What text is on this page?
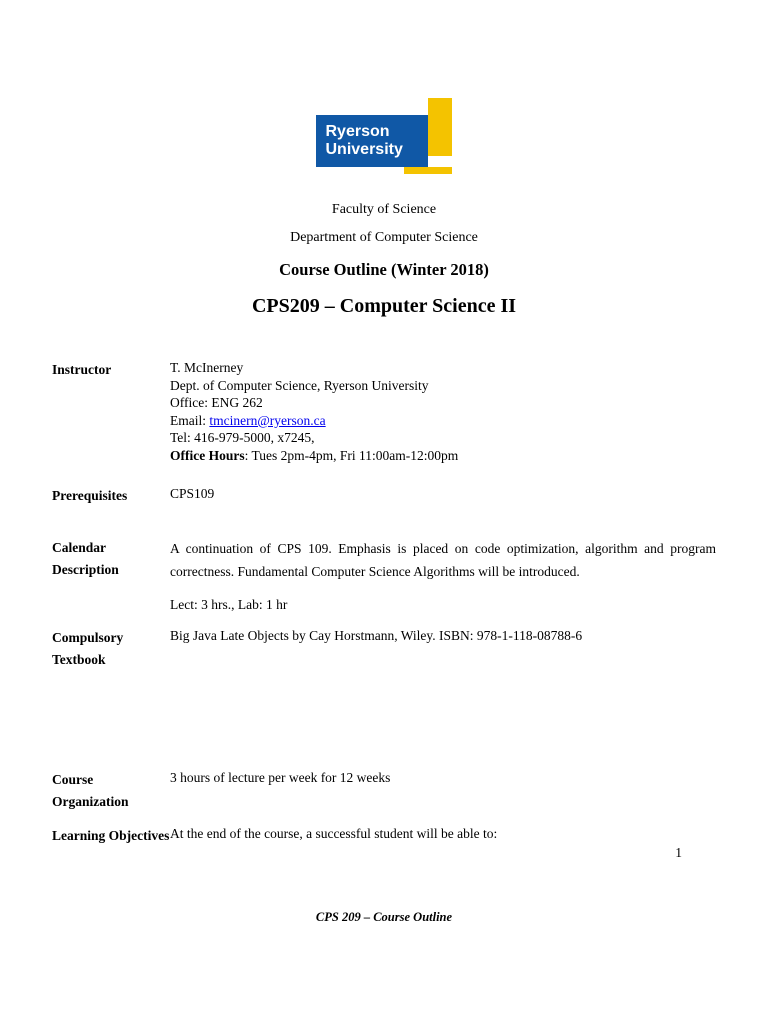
Ryerson
University
Faculty of Science
Department of Computer Science
Course Outline (Winter 2018)
CPS209 – Computer Science II
Instructor	T. McInerney
Dept. of Computer Science, Ryerson University
Office: ENG 262
Email: tmcinern@ryerson.ca
Tel: 416-979-5000, x7245,
Office Hours: Tues 2pm-4pm, Fri 11:00am-12:00pm
Prerequisites	CPS109
Calendar Description
A continuation of CPS 109. Emphasis is placed on code optimization, algorithm and program correctness. Fundamental Computer Science Algorithms will be introduced.
Lect: 3 hrs., Lab: 1 hr
Compulsory Textbook
Big Java Late Objects by Cay Horstmann, Wiley. ISBN: 978-1-118-08788-6
Course Organization
3 hours of lecture per week for 12 weeks
Learning Objectives At the end of the course, a successful student will be able to:
1
CPS 209 – Course Outline
